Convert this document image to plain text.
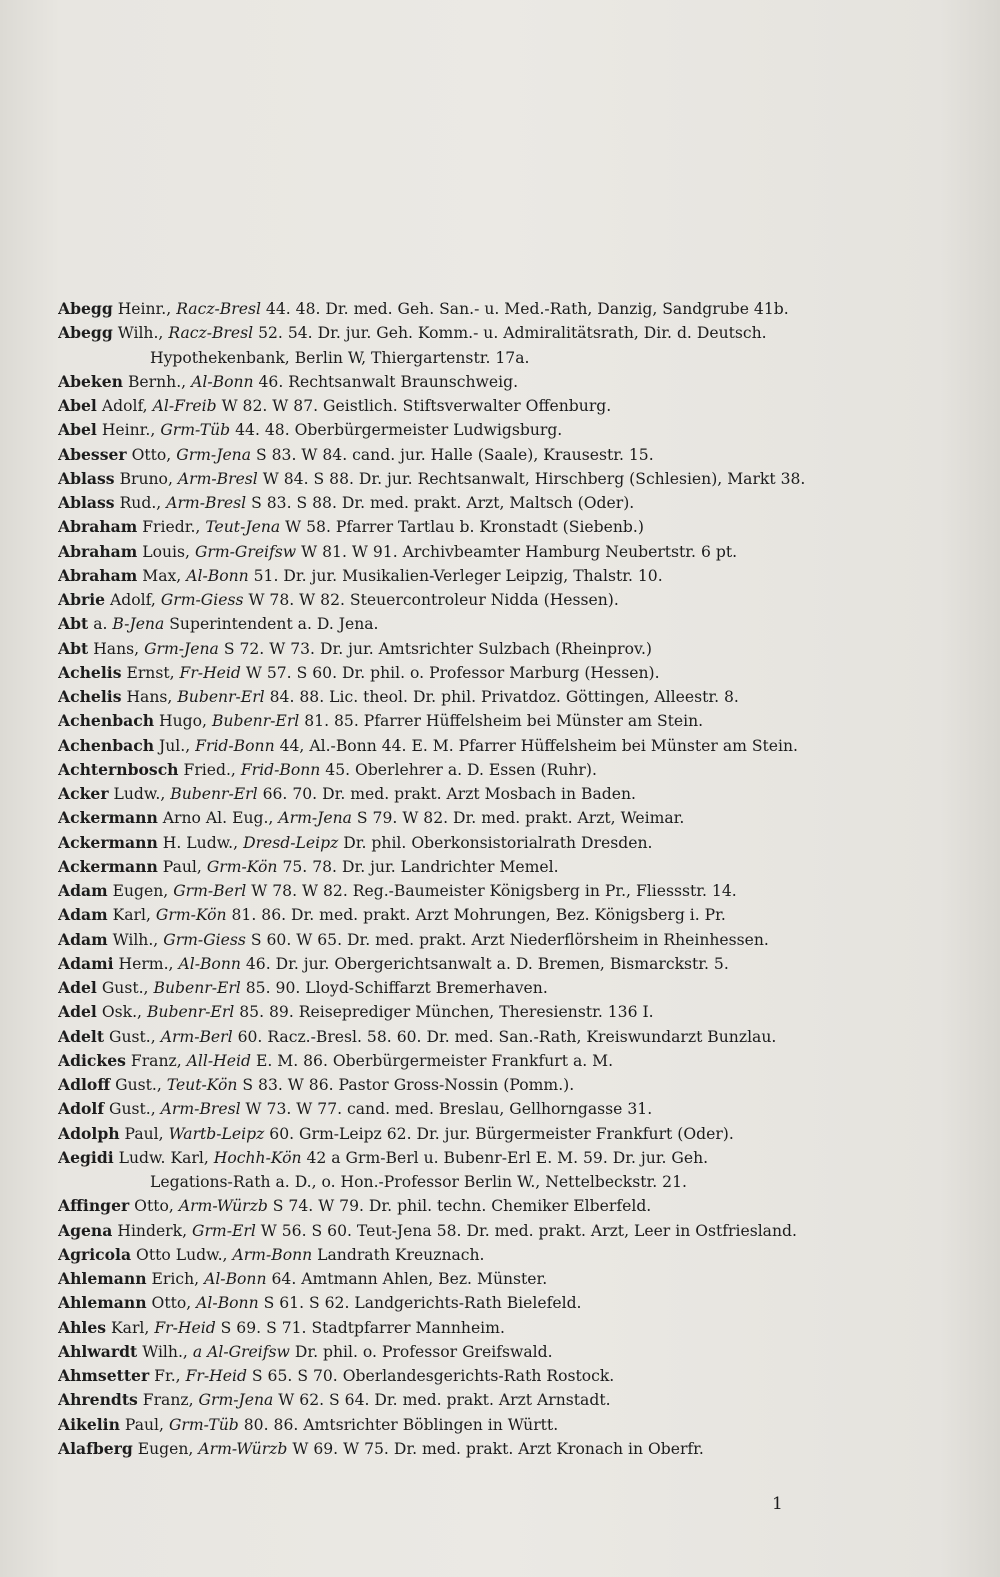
Abegg Heinr., Racz-Bresl 44. 48. Dr. med. Geh. San.- u. Med.-Rath, Danzig, Sandgrube 41b.
Abegg Wilh., Racz-Bresl 52. 54. Dr. jur. Geh. Komm.- u. Admiralitätsrath, Dir. d. Deutsch.
Hypothekenbank, Berlin W, Thiergartenstr. 17a.
Abeken Bernh., Al-Bonn 46. Rechtsanwalt Braunschweig.
Abel Adolf, Al-Freib W 82. W 87. Geistlich. Stiftsverwalter Offenburg.
Abel Heinr., Grm-Tüb 44. 48. Oberbürgermeister Ludwigsburg.
Abesser Otto, Grm-Jena S 83. W 84. cand. jur. Halle (Saale), Krausestr. 15.
Ablass Bruno, Arm-Bresl W 84. S 88. Dr. jur. Rechtsanwalt, Hirschberg (Schlesien), Markt 38.
Ablass Rud., Arm-Bresl S 83. S 88. Dr. med. prakt. Arzt, Maltsch (Oder).
Abraham Friedr., Teut-Jena W 58. Pfarrer Tartlau b. Kronstadt (Siebenb.)
Abraham Louis, Grm-Greifsw W 81. W 91. Archivbeamter Hamburg Neubertstr. 6 pt.
Abraham Max, Al-Bonn 51. Dr. jur. Musikalien-Verleger Leipzig, Thalstr. 10.
Abrie Adolf, Grm-Giess W 78. W 82. Steuercontroleur Nidda (Hessen).
Abt a. B-Jena Superintendent a. D. Jena.
Abt Hans, Grm-Jena S 72. W 73. Dr. jur. Amtsrichter Sulzbach (Rheinprov.)
Achelis Ernst, Fr-Heid W 57. S 60. Dr. phil. o. Professor Marburg (Hessen).
Achelis Hans, Bubenr-Erl 84. 88. Lic. theol. Dr. phil. Privatdoz. Göttingen, Alleestr. 8.
Achenbach Hugo, Bubenr-Erl 81. 85. Pfarrer Hüffelsheim bei Münster am Stein.
Achenbach Jul., Frid-Bonn 44, Al.-Bonn 44. E. M. Pfarrer Hüffelsheim bei Münster am Stein.
Achternbosch Fried., Frid-Bonn 45. Oberlehrer a. D. Essen (Ruhr).
Acker Ludw., Bubenr-Erl 66. 70. Dr. med. prakt. Arzt Mosbach in Baden.
Ackermann Arno Al. Eug., Arm-Jena S 79. W 82. Dr. med. prakt. Arzt, Weimar.
Ackermann H. Ludw., Dresd-Leipz Dr. phil. Oberkonsistorialrath Dresden.
Ackermann Paul, Grm-Kön 75. 78. Dr. jur. Landrichter Memel.
Adam Eugen, Grm-Berl W 78. W 82. Reg.-Baumeister Königsberg in Pr., Fliessstr. 14.
Adam Karl, Grm-Kön 81. 86. Dr. med. prakt. Arzt Mohrungen, Bez. Königsberg i. Pr.
Adam Wilh., Grm-Giess S 60. W 65. Dr. med. prakt. Arzt Niederflörsheim in Rheinhessen.
Adami Herm., Al-Bonn 46. Dr. jur. Obergerichtsanwalt a. D. Bremen, Bismarckstr. 5.
Adel Gust., Bubenr-Erl 85. 90. Lloyd-Schiffarzt Bremerhaven.
Adel Osk., Bubenr-Erl 85. 89. Reiseprediger München, Theresienstr. 136 I.
Adelt Gust., Arm-Berl 60. Racz.-Bresl. 58. 60. Dr. med. San.-Rath, Kreiswundarzt Bunzlau.
Adickes Franz, All-Heid E. M. 86. Oberbürgermeister Frankfurt a. M.
Adloff Gust., Teut-Kön S 83. W 86. Pastor Gross-Nossin (Pomm.).
Adolf Gust., Arm-Bresl W 73. W 77. cand. med. Breslau, Gellhorngasse 31.
Adolph Paul, Wartb-Leipz 60. Grm-Leipz 62. Dr. jur. Bürgermeister Frankfurt (Oder).
Aegidi Ludw. Karl, Hochh-Kön 42 a Grm-Berl u. Bubenr-Erl E. M. 59. Dr. jur. Geh.
Legations-Rath a. D., o. Hon.-Professor Berlin W., Nettelbeckstr. 21.
Affinger Otto, Arm-Würzb S 74. W 79. Dr. phil. techn. Chemiker Elberfeld.
Agena Hinderk, Grm-Erl W 56. S 60. Teut-Jena 58. Dr. med. prakt. Arzt, Leer in Ostfriesland.
Agricola Otto Ludw., Arm-Bonn Landrath Kreuznach.
Ahlemann Erich, Al-Bonn 64. Amtmann Ahlen, Bez. Münster.
Ahlemann Otto, Al-Bonn S 61. S 62. Landgerichts-Rath Bielefeld.
Ahles Karl, Fr-Heid S 69. S 71. Stadtpfarrer Mannheim.
Ahlwardt Wilh., a Al-Greifsw Dr. phil. o. Professor Greifswald.
Ahmsetter Fr., Fr-Heid S 65. S 70. Oberlandesgerichts-Rath Rostock.
Ahrendts Franz, Grm-Jena W 62. S 64. Dr. med. prakt. Arzt Arnstadt.
Aikelin Paul, Grm-Tüb 80. 86. Amtsrichter Böblingen in Württ.
Alafberg Eugen, Arm-Würzb W 69. W 75. Dr. med. prakt. Arzt Kronach in Oberfr.
1
